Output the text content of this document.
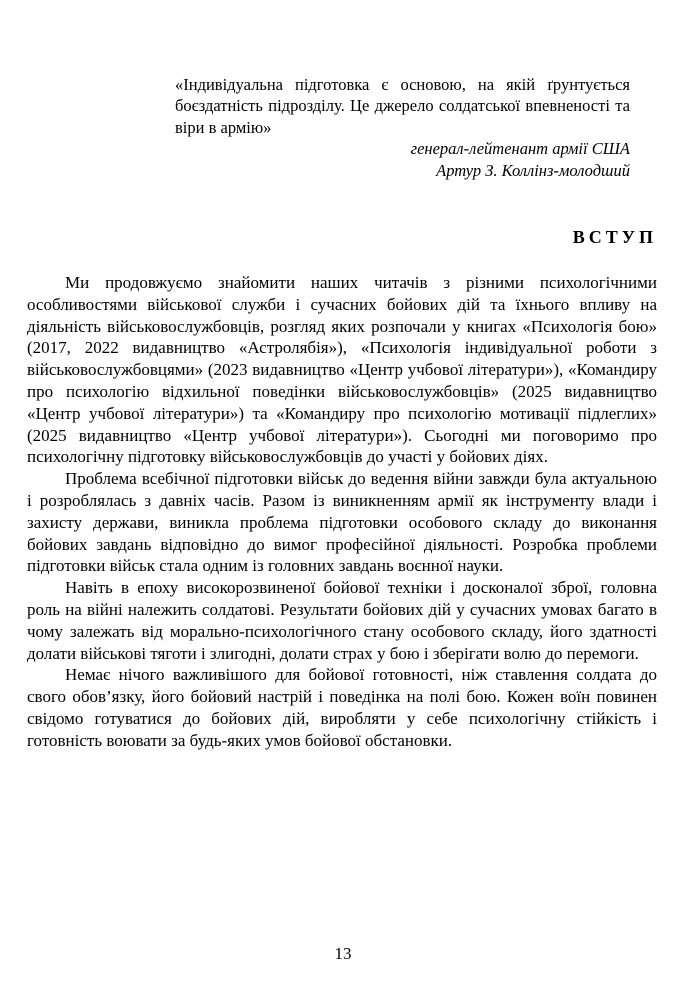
«Індивідуальна підготовка є основою, на якій ґрунтується боєздатність підрозділу. Це джерело солдатської впевненості та віри в армію»
генерал-лейтенант армії США
Артур З. Коллінз-молодший
ВСТУП

Ми продовжуємо знайомити наших читачів з різними психологічними особливостями військової служби і сучасних бойових дій та їхнього впливу на діяльність військовослужбовців, розгляд яких розпочали у книгах «Психологія бою» (2017, 2022 видавництво «Астролябія»), «Психологія індивідуальної роботи з військовослужбовцями» (2023 видавництво «Центр учбової літератури»), «Командиру про психологію відхильної поведінки військовослужбовців» (2025 видавництво «Центр учбової літератури») та «Командиру про психологію мотивації підлеглих» (2025 видавництво «Центр учбової літератури»). Сьогодні ми поговоримо про психологічну підготовку військовослужбовців до участі у бойових діях.

Проблема всебічної підготовки військ до ведення війни завжди була актуальною і розроблялась з давніх часів. Разом із виникненням армії як інструменту влади і захисту держави, виникла проблема підготовки особового складу до виконання бойових завдань відповідно до вимог професійної діяльності. Розробка проблеми підготовки військ стала одним із головних завдань воєнної науки.

Навіть в епоху високорозвиненої бойової техніки і досконалої зброї, головна роль на війні належить солдатові. Результати бойових дій у сучасних умовах багато в чому залежать від морально-психологічного стану особового складу, його здатності долати військові тяготи і злигодні, долати страх у бою і зберігати волю до перемоги.

Немає нічого важливішого для бойової готовності, ніж ставлення солдата до свого обов’язку, його бойовий настрій і поведінка на полі бою. Кожен воїн повинен свідомо готуватися до бойових дій, виробляти у себе психологічну стійкість і готовність воювати за будь-яких умов бойової обстановки.

13
